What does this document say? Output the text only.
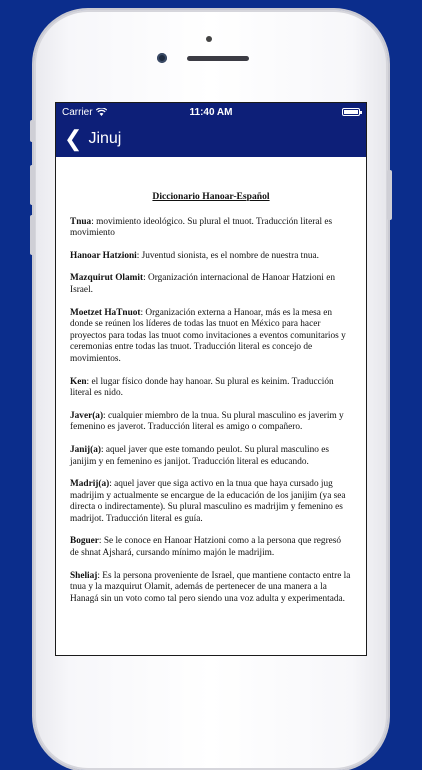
Carrier	11:40 AM
❮ Jinuj
Diccionario Hanoar-Español

Tnua: movimiento ideológico. Su plural el tnuot. Traducción literal es movimiento

Hanoar Hatzioni: Juventud sionista, es el nombre de nuestra tnua.

Mazquirut Olamit: Organización internacional de Hanoar Hatzioni en Israel.

Moetzet HaTnuot: Organización externa a Hanoar, más es la mesa en donde se reúnen los líderes de todas las tnuot en México para hacer proyectos para todas las tnuot como invitaciones a eventos comunitarios y ceremonias entre todas las tnuot. Traducción literal es concejo de movimientos.

Ken: el lugar físico donde hay hanoar. Su plural es keinim. Traducción literal es nido.

Javer(a): cualquier miembro de la tnua. Su plural masculino es javerim y femenino es javerot. Traducción literal es amigo o compañero.

Janij(a): aquel javer que este tomando peulot. Su plural masculino es janijim y en femenino es janijot. Traducción literal es educando.

Madrij(a): aquel javer que siga activo en la tnua que haya cursado jug madrijim y actualmente se encargue de la educación de los janijim (ya sea directa o indirectamente). Su plural masculino es madrijim y femenino es madrijot. Traducción literal es guía.

Boguer: Se le conoce en Hanoar Hatzioni como a la persona que regresó de shnat Ajshará, cursando mínimo majón le madrijim.

Sheliaj: Es la persona proveniente de Israel, que mantiene contacto entre la tnua y la mazquirut Olamit, además de pertenecer de una manera a la Hanagá sin un voto como tal pero siendo una voz adulta y experimentada.
